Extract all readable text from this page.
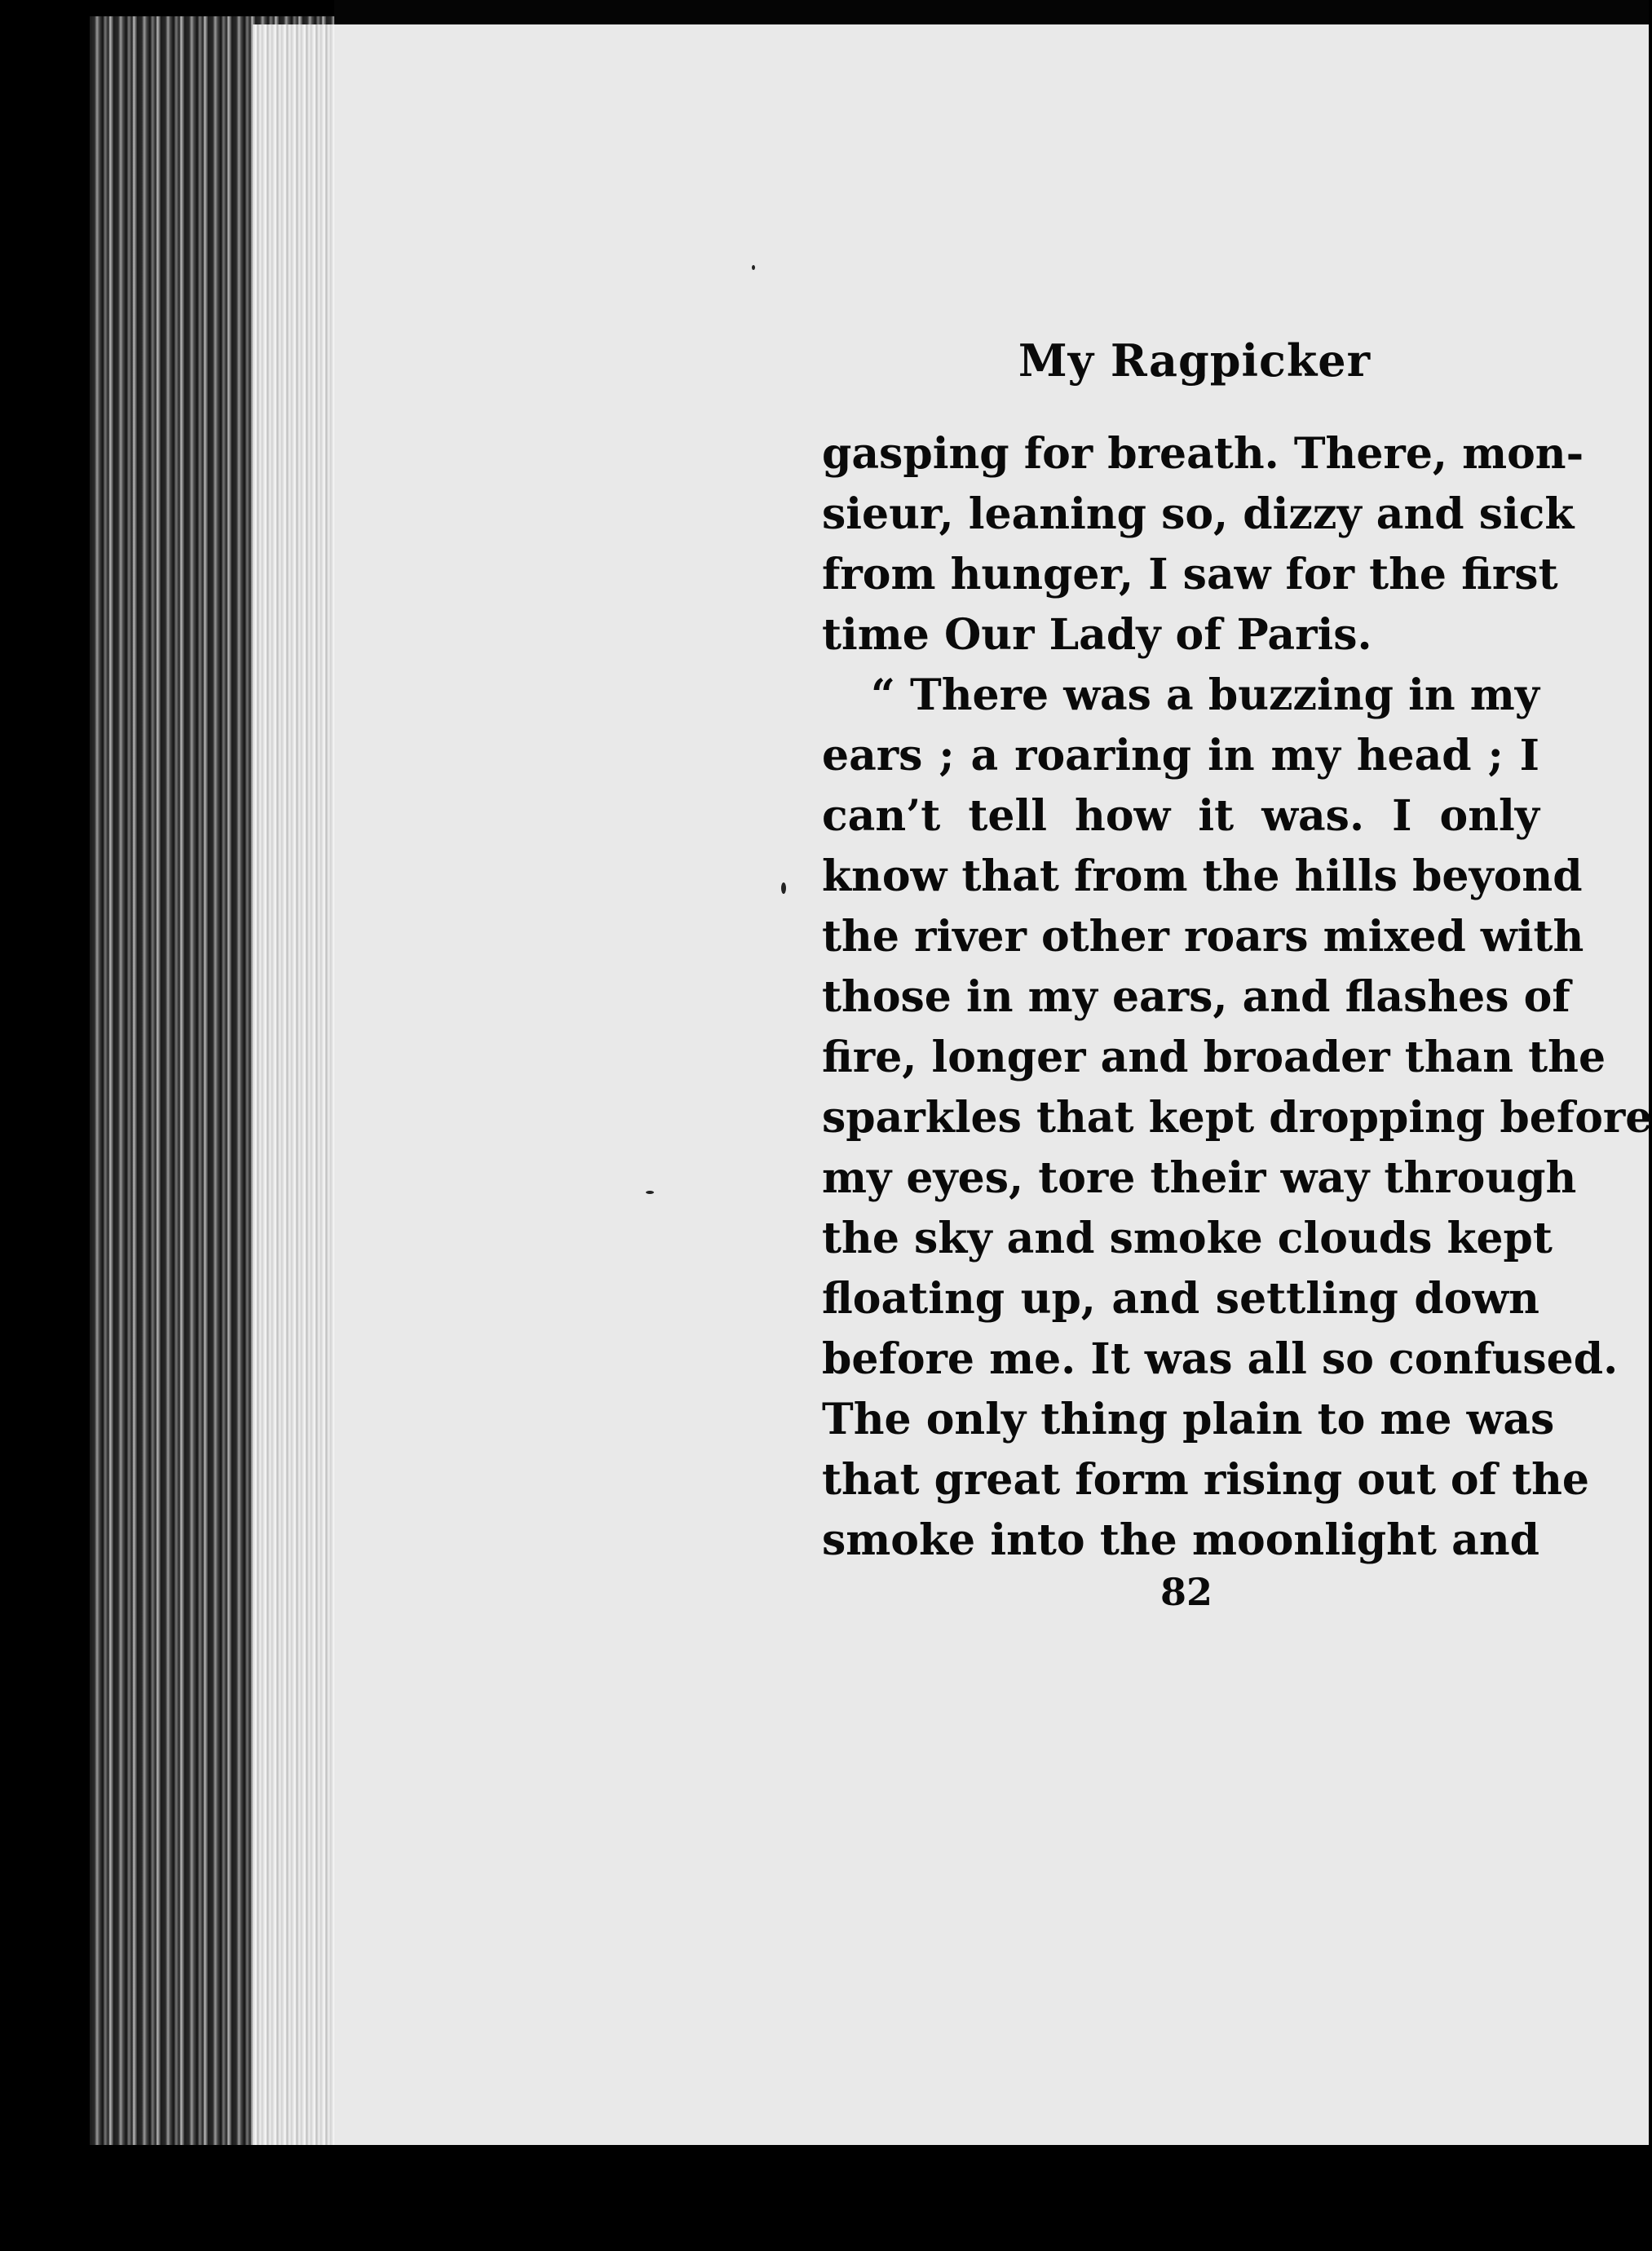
My Ragpicker
gasping for breath. There, mon-
sieur, leaning so, dizzy and sick
from hunger, I saw for the first
time Our Lady of Paris.
“ There was a buzzing in my
ears ; a roaring in my head ; I
can’t tell how it was. I only
know that from the hills beyond
the river other roars mixed with
those in my ears, and flashes of
fire, longer and broader than the
sparkles that kept dropping before
my eyes, tore their way through
the sky and smoke clouds kept
floating up, and settling down
before me. It was all so confused.
The only thing plain to me was
that great form rising out of the
smoke into the moonlight and

82
